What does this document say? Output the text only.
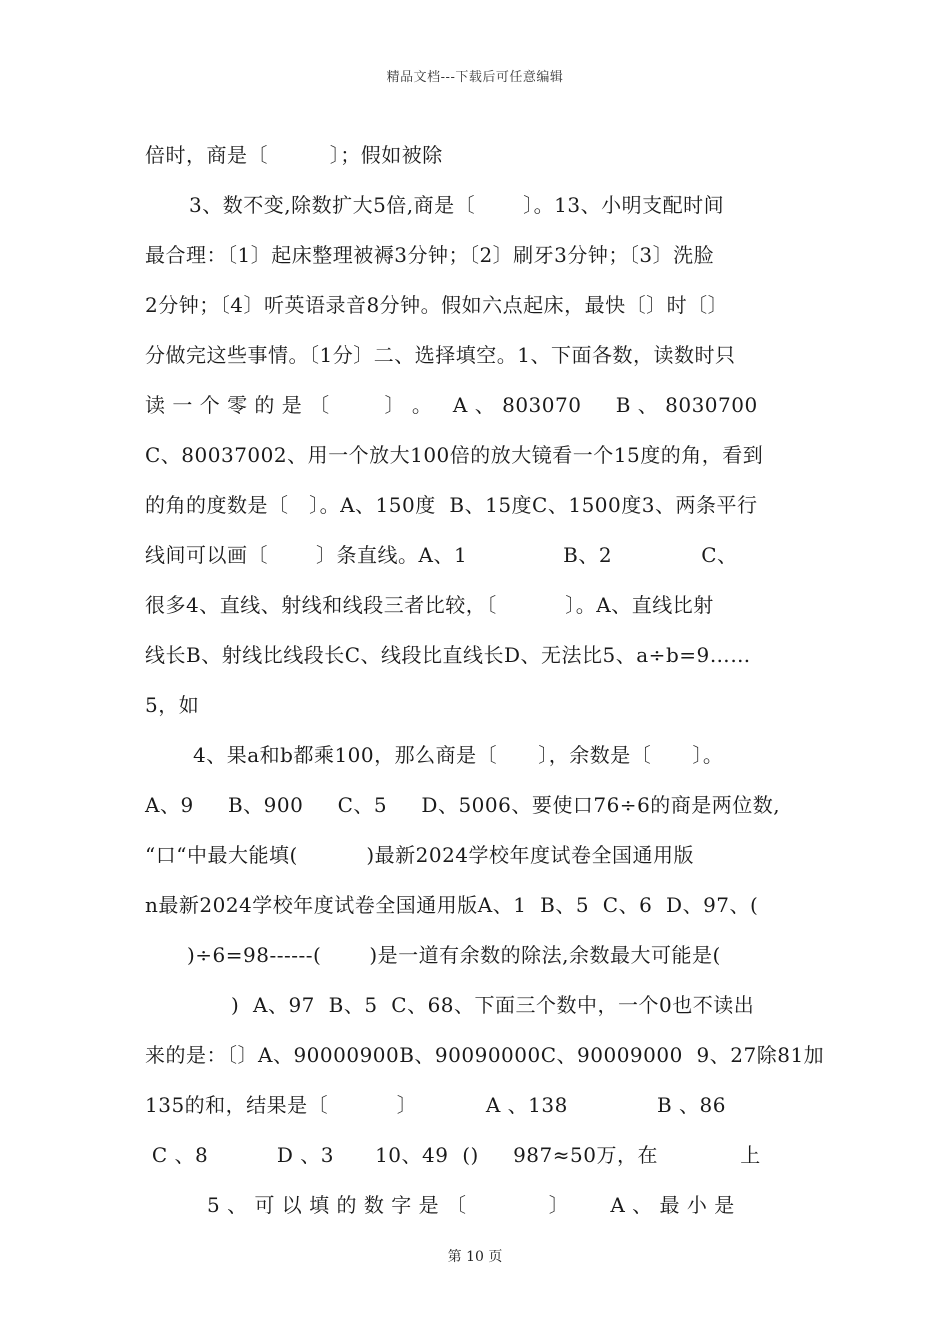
精品文档---下载后可任意编辑
倍时，商是〔         〕；假如被除
3、数不变,除数扩大5倍,商是〔       〕。13、小明支配时间
最合理：〔1〕起床整理被褥3分钟；〔2〕刷牙3分钟；〔3〕洗脸
2分钟；〔4〕听英语录音8分钟。假如六点起床，最快〔〕时〔〕
分做完这些事情。〔1分〕二、选择填空。1、下面各数，读数时只
读 一 个 零 的 是 〔        〕 。   A 、 803070     B 、 8030700
C、80037002、用一个放大100倍的放大镜看一个15度的角，看到
的角的度数是〔   〕。A、150度  B、15度C、1500度3、两条平行
线间可以画〔       〕条直线。A、1              B、2             C、
很多4、直线、射线和线段三者比较，〔          〕。A、直线比射
线长B、射线比线段长C、线段比直线长D、无法比5、a÷b=9……
5，如
4、果a和b都乘100，那么商是〔      〕，余数是〔      〕。
A、9     B、900     C、5     D、5006、要使口76÷6的商是两位数,
“口“中最大能填(          )最新2024学校年度试卷全国通用版
n最新2024学校年度试卷全国通用版A、1  B、5  C、6  D、97、(
)÷6=98------(       )是一道有余数的除法,余数最大可能是(
)  A、97  B、5  C、68、下面三个数中，一个0也不读出
来的是：〔〕A、90000900B、90090000C、90009000  9、27除81加
135的和，结果是〔          〕          A 、138             B 、86
C 、8          D 、3      10、49  ()     987≈50万，在            上
5 、 可 以 填 的 数 字 是 〔            〕      A 、 最 小 是
第 10 页
